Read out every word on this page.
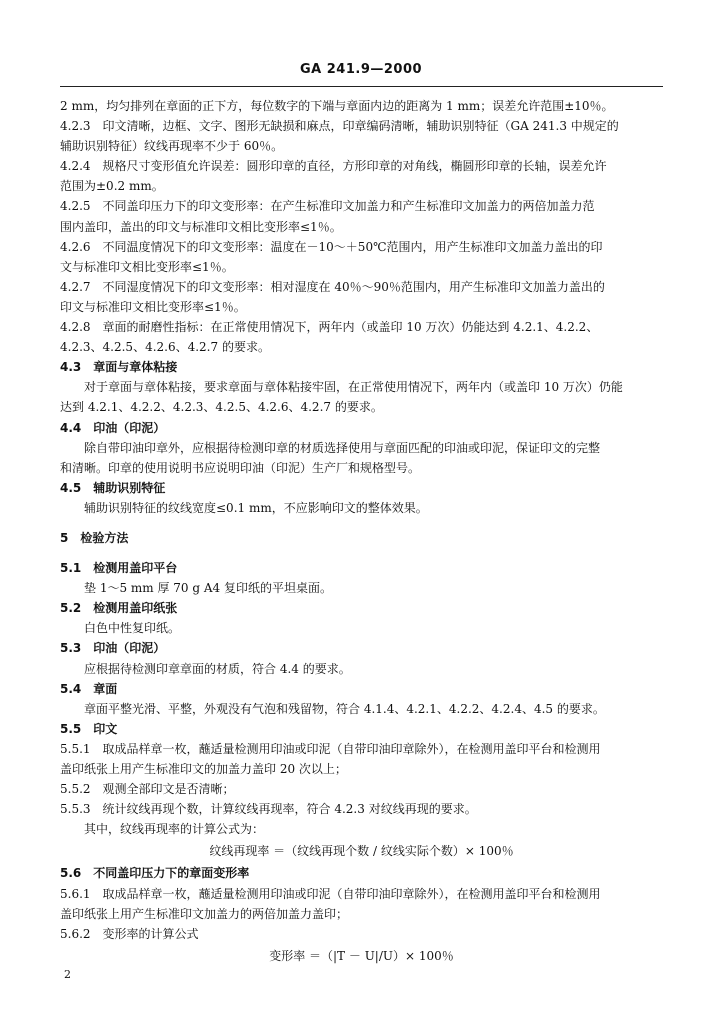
GA 241.9—2000
2 mm，均匀排列在章面的正下方，每位数字的下端与章面内边的距离为 1 mm；误差允许范围±10％。
4.2.3　印文清晰，边框、文字、图形无缺损和麻点，印章编码清晰，辅助识别特征（GA 241.3 中规定的
辅助识别特征）纹线再现率不少于 60％。
4.2.4　规格尺寸变形值允许误差：圆形印章的直径，方形印章的对角线，椭圆形印章的长轴，误差允许
范围为±0.2 mm。
4.2.5　不同盖印压力下的印文变形率：在产生标准印文加盖力和产生标准印文加盖力的两倍加盖力范
围内盖印，盖出的印文与标准印文相比变形率≤1％。
4.2.6　不同温度情况下的印文变形率：温度在－10～＋50℃范围内，用产生标准印文加盖力盖出的印
文与标准印文相比变形率≤1％。
4.2.7　不同湿度情况下的印文变形率：相对湿度在 40％～90％范围内，用产生标准印文加盖力盖出的
印文与标准印文相比变形率≤1％。
4.2.8　章面的耐磨性指标：在正常使用情况下，两年内（或盖印 10 万次）仍能达到 4.2.1、4.2.2、
4.2.3、4.2.5、4.2.6、4.2.7 的要求。
4.3　章面与章体粘接
对于章面与章体粘接，要求章面与章体粘接牢固，在正常使用情况下，两年内（或盖印 10 万次）仍能
达到 4.2.1、4.2.2、4.2.3、4.2.5、4.2.6、4.2.7 的要求。
4.4　印油（印泥）
除自带印油印章外，应根据待检测印章的材质选择使用与章面匹配的印油或印泥，保证印文的完整
和清晰。印章的使用说明书应说明印油（印泥）生产厂和规格型号。
4.5　辅助识别特征
辅助识别特征的纹线宽度≤0.1 mm，不应影响印文的整体效果。
5　检验方法
5.1　检测用盖印平台
垫 1～5 mm 厚 70 g A4 复印纸的平坦桌面。
5.2　检测用盖印纸张
白色中性复印纸。
5.3　印油（印泥）
应根据待检测印章章面的材质，符合 4.4 的要求。
5.4　章面
章面平整光滑、平整，外观没有气泡和残留物，符合 4.1.4、4.2.1、4.2.2、4.2.4、4.5 的要求。
5.5　印文
5.5.1　取成品样章一枚，蘸适量检测用印油或印泥（自带印油印章除外），在检测用盖印平台和检测用
盖印纸张上用产生标准印文的加盖力盖印 20 次以上；
5.5.2　观测全部印文是否清晰；
5.5.3　统计纹线再现个数，计算纹线再现率，符合 4.2.3 对纹线再现的要求。
其中，纹线再现率的计算公式为：
纹线再现率 ＝（纹线再现个数 / 纹线实际个数）× 100％
5.6　不同盖印压力下的章面变形率
5.6.1　取成品样章一枚，蘸适量检测用印油或印泥（自带印油印章除外），在检测用盖印平台和检测用
盖印纸张上用产生标准印文加盖力的两倍加盖力盖印；
5.6.2　变形率的计算公式
变形率 ＝（|T － U|/U）× 100％
2
